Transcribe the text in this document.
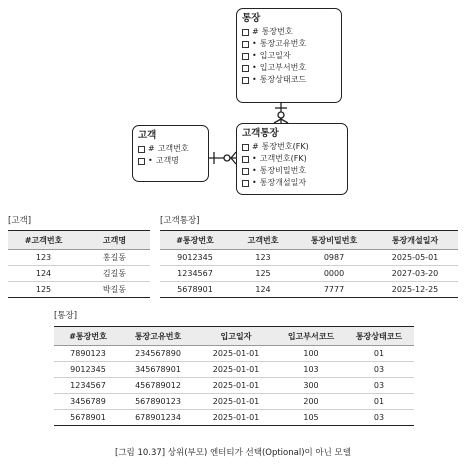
통장
# 통장번호
• 통장고유번호
• 입고일자
• 입고부서번호
• 통장상태코드
고객
# 고객번호
• 고객명
고객통장
# 통장번호(FK)
• 고객번호(FK)
• 통장비밀번호
• 통장개설일자
[고객]
#고객번호	고객명
123	홍길동
124	김길동
125	박길동
[고객통장]
#통장번호	고객번호	통장비밀번호	통장개설일자
9012345	123	0987	2025-05-01
1234567	125	0000	2027-03-20
5678901	124	7777	2025-12-25
[통장]
#통장번호	통장고유번호	입고일자	입고부서코드	통장상태코드
7890123	234567890	2025-01-01	100	01
9012345	345678901	2025-01-01	103	03
1234567	456789012	2025-01-01	300	03
3456789	567890123	2025-01-01	200	01
5678901	678901234	2025-01-01	105	03
[그림 10.37] 상위(부모) 엔터티가 선택(Optional)이 아닌 모델
